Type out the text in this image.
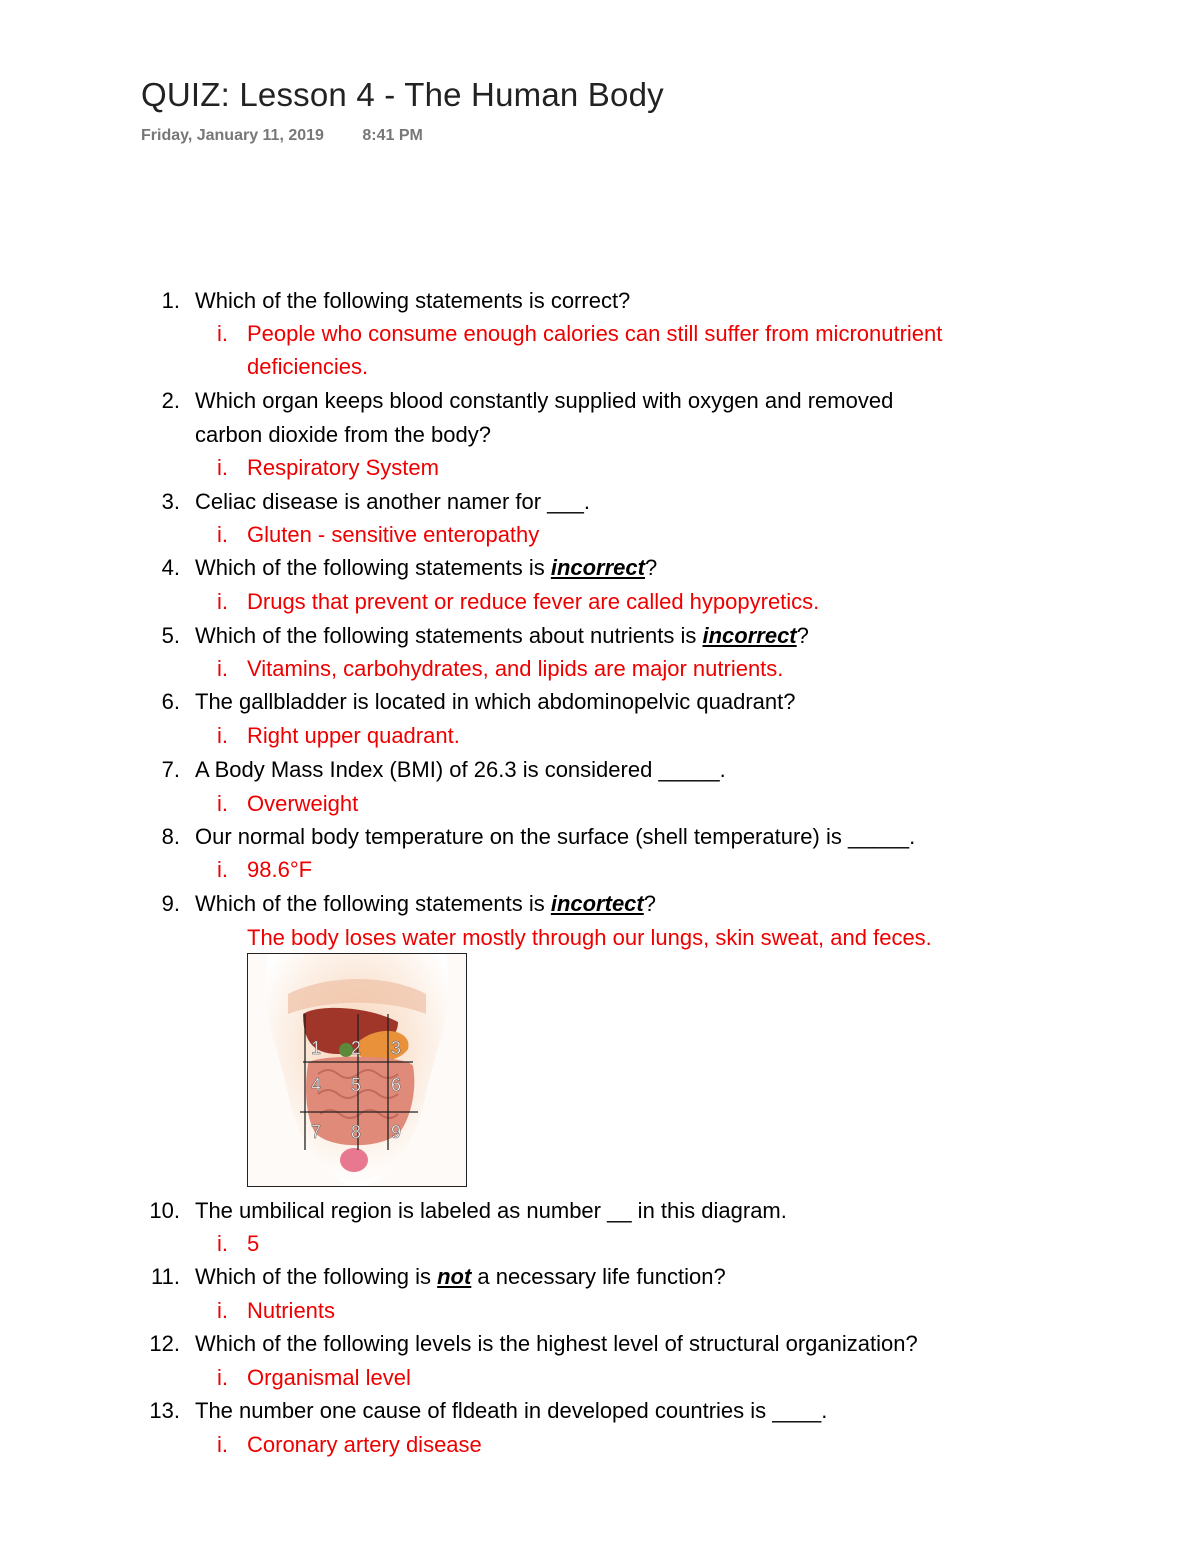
QUIZ: Lesson 4 - The Human Body
Friday, January 11, 2019 8:41 PM
1. Which of the following statements is correct?
i. People who consume enough calories can still suffer from micronutrient
deficiencies.
2. Which organ keeps blood constantly supplied with oxygen and removed
carbon dioxide from the body?
i. Respiratory System
3. Celiac disease is another namer for ___.
i. Gluten - sensitive enteropathy
4. Which of the following statements is incorrect?
i. Drugs that prevent or reduce fever are called hypopyretics.
5. Which of the following statements about nutrients is incorrect?
i. Vitamins, carbohydrates, and lipids are major nutrients.
6. The gallbladder is located in which abdominopelvic quadrant?
i. Right upper quadrant.
7. A Body Mass Index (BMI) of 26.3 is considered _____.
i. Overweight
8. Our normal body temperature on the surface (shell temperature) is _____.
i. 98.6°F
9. Which of the following statements is incortect?
The body loses water mostly through our lungs, skin sweat, and feces.
1 2 3
4 5 6
7 8 9
10. The umbilical region is labeled as number __ in this diagram.
i. 5
11. Which of the following is not a necessary life function?
i. Nutrients
12. Which of the following levels is the highest level of structural organization?
i. Organismal level
13. The number one cause of fldeath in developed countries is ____.
i. Coronary artery disease
